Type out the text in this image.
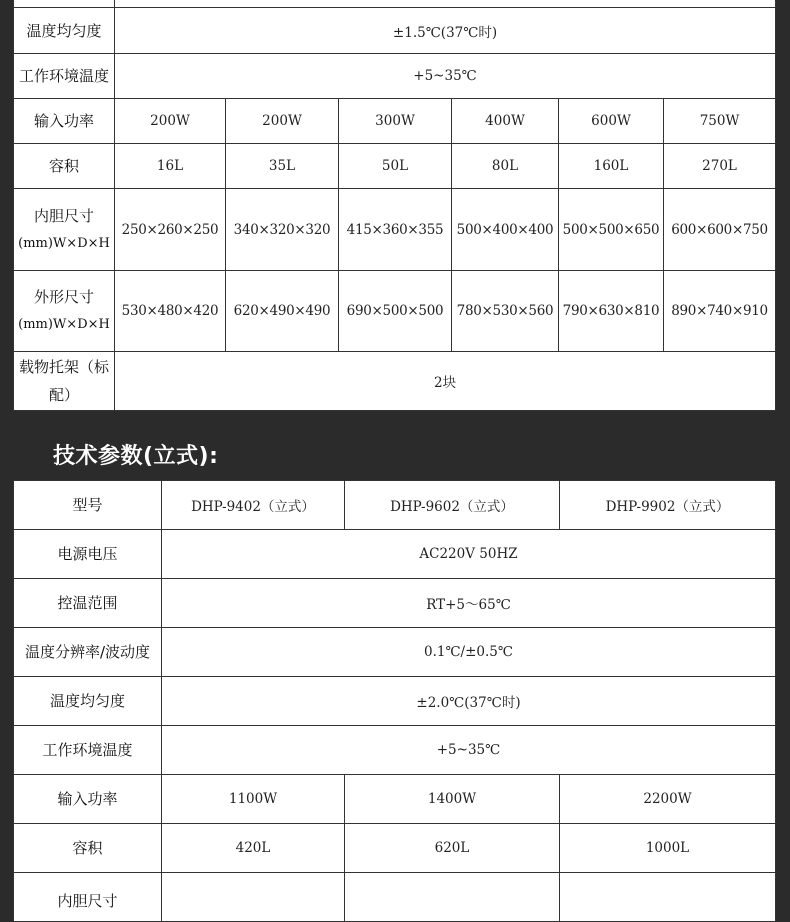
温度均匀度	±1.5℃(37℃时)					
工作环境温度	+5~35℃					
输入功率	200W	200W	300W	400W	600W	750W
容积	16L	35L	50L	80L	160L	270L

内胆尺寸
(mm)W×D×H	250×260×250	340×320×320	415×360×355	500×400×400	500×500×650	600×600×750

外形尺寸
(mm)W×D×H	530×480×420	620×490×490	690×500×500	780×530×560	790×630×810	890×740×910

载物托架（标
配）	2块					
技术参数(立式):
型号	DHP-9402（立式）	DHP-9602（立式）	DHP-9902（立式）
电源电压	AC220V 50HZ		
控温范围	RT+5～65℃		
温度分辨率/波动度	0.1℃/±0.5℃		
温度均匀度	±2.0℃(37℃时)		
工作环境温度	+5~35℃		
输入功率	1100W	1400W	2200W
容积	420L	620L	1000L
内胆尺寸			
